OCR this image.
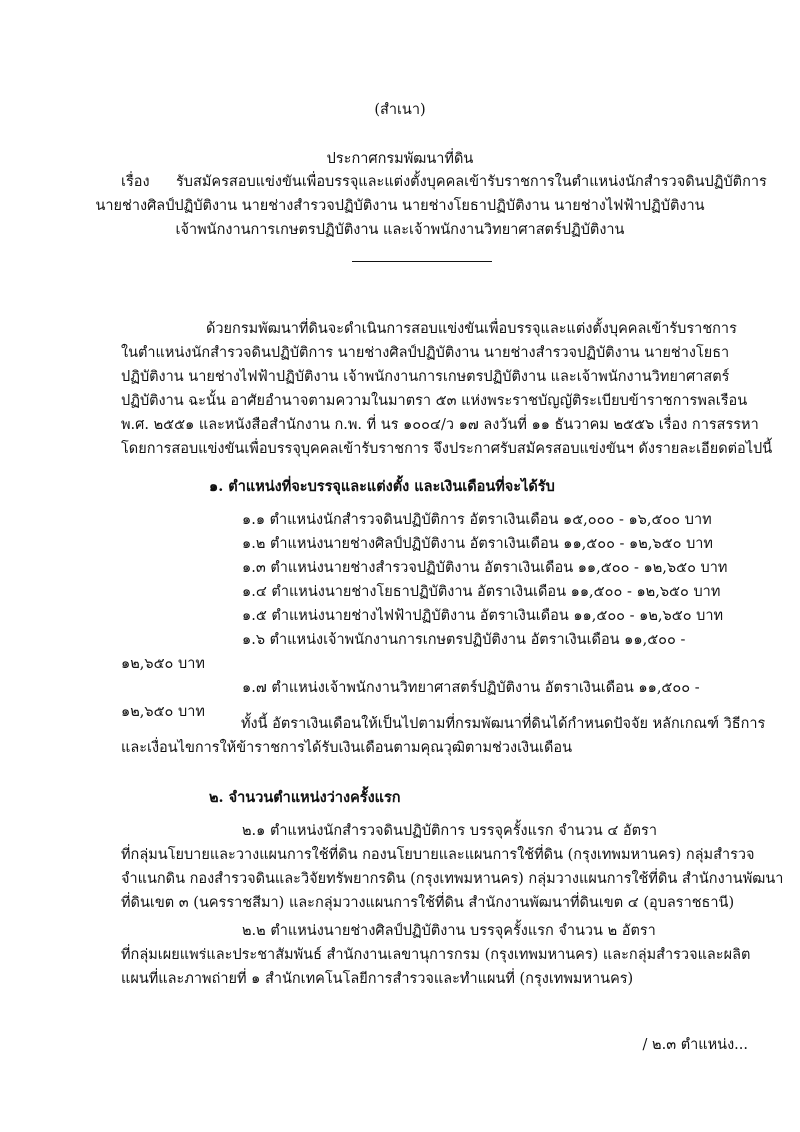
(สำเนา)
ประกาศกรมพัฒนาที่ดิน
เรื่อง รับสมัครสอบแข่งขันเพื่อบรรจุและแต่งตั้งบุคคลเข้ารับราชการในตำแหน่งนักสำรวจดินปฏิบัติการ
นายช่างศิลป์ปฏิบัติงาน นายช่างสำรวจปฏิบัติงาน นายช่างโยธาปฏิบัติงาน นายช่างไฟฟ้าปฏิบัติงาน
เจ้าพนักงานการเกษตรปฏิบัติงาน และเจ้าพนักงานวิทยาศาสตร์ปฏิบัติงาน
ด้วยกรมพัฒนาที่ดินจะดำเนินการสอบแข่งขันเพื่อบรรจุและแต่งตั้งบุคคลเข้ารับราชการ
ในตำแหน่งนักสำรวจดินปฏิบัติการ นายช่างศิลป์ปฏิบัติงาน นายช่างสำรวจปฏิบัติงาน นายช่างโยธา
ปฏิบัติงาน นายช่างไฟฟ้าปฏิบัติงาน เจ้าพนักงานการเกษตรปฏิบัติงาน และเจ้าพนักงานวิทยาศาสตร์
ปฏิบัติงาน ฉะนั้น อาศัยอำนาจตามความในมาตรา ๕๓ แห่งพระราชบัญญัติระเบียบข้าราชการพลเรือน
พ.ศ. ๒๕๕๑ และหนังสือสำนักงาน ก.พ. ที่ นร ๑๐๐๔/ว ๑๗ ลงวันที่ ๑๑ ธันวาคม ๒๕๕๖ เรื่อง การสรรหา
โดยการสอบแข่งขันเพื่อบรรจุบุคคลเข้ารับราชการ จึงประกาศรับสมัครสอบแข่งขันฯ ดังรายละเอียดต่อไปนี้
๑. ตำแหน่งที่จะบรรจุและแต่งตั้ง และเงินเดือนที่จะได้รับ
๑.๑ ตำแหน่งนักสำรวจดินปฏิบัติการ อัตราเงินเดือน ๑๕,๐๐๐ - ๑๖,๕๐๐ บาท
๑.๒ ตำแหน่งนายช่างศิลป์ปฏิบัติงาน อัตราเงินเดือน ๑๑,๕๐๐ - ๑๒,๖๕๐ บาท
๑.๓ ตำแหน่งนายช่างสำรวจปฏิบัติงาน อัตราเงินเดือน ๑๑,๕๐๐ - ๑๒,๖๕๐ บาท
๑.๔ ตำแหน่งนายช่างโยธาปฏิบัติงาน อัตราเงินเดือน ๑๑,๕๐๐ - ๑๒,๖๕๐ บาท
๑.๕ ตำแหน่งนายช่างไฟฟ้าปฏิบัติงาน อัตราเงินเดือน ๑๑,๕๐๐ - ๑๒,๖๕๐ บาท
๑.๖ ตำแหน่งเจ้าพนักงานการเกษตรปฏิบัติงาน อัตราเงินเดือน ๑๑,๕๐๐ -
๑๒,๖๕๐ บาท
๑.๗ ตำแหน่งเจ้าพนักงานวิทยาศาสตร์ปฏิบัติงาน อัตราเงินเดือน ๑๑,๕๐๐ -
๑๒,๖๕๐ บาท
ทั้งนี้ อัตราเงินเดือนให้เป็นไปตามที่กรมพัฒนาที่ดินได้กำหนดปัจจัย หลักเกณฑ์ วิธีการ
และเงื่อนไขการให้ข้าราชการได้รับเงินเดือนตามคุณวุฒิตามช่วงเงินเดือน
๒. จำนวนตำแหน่งว่างครั้งแรก
๒.๑ ตำแหน่งนักสำรวจดินปฏิบัติการ บรรจุครั้งแรก จำนวน ๔ อัตรา
ที่กลุ่มนโยบายและวางแผนการใช้ที่ดิน กองนโยบายและแผนการใช้ที่ดิน (กรุงเทพมหานคร) กลุ่มสำรวจ
จำแนกดิน กองสำรวจดินและวิจัยทรัพยากรดิน (กรุงเทพมหานคร) กลุ่มวางแผนการใช้ที่ดิน สำนักงานพัฒนา
ที่ดินเขต ๓ (นครราชสีมา) และกลุ่มวางแผนการใช้ที่ดิน สำนักงานพัฒนาที่ดินเขต ๔ (อุบลราชธานี)
๒.๒ ตำแหน่งนายช่างศิลป์ปฏิบัติงาน บรรจุครั้งแรก จำนวน ๒ อัตรา
ที่กลุ่มเผยแพร่และประชาสัมพันธ์ สำนักงานเลขานุการกรม (กรุงเทพมหานคร) และกลุ่มสำรวจและผลิต
แผนที่และภาพถ่ายที่ ๑ สำนักเทคโนโลยีการสำรวจและทำแผนที่ (กรุงเทพมหานคร)
/ ๒.๓ ตำแหน่ง...
